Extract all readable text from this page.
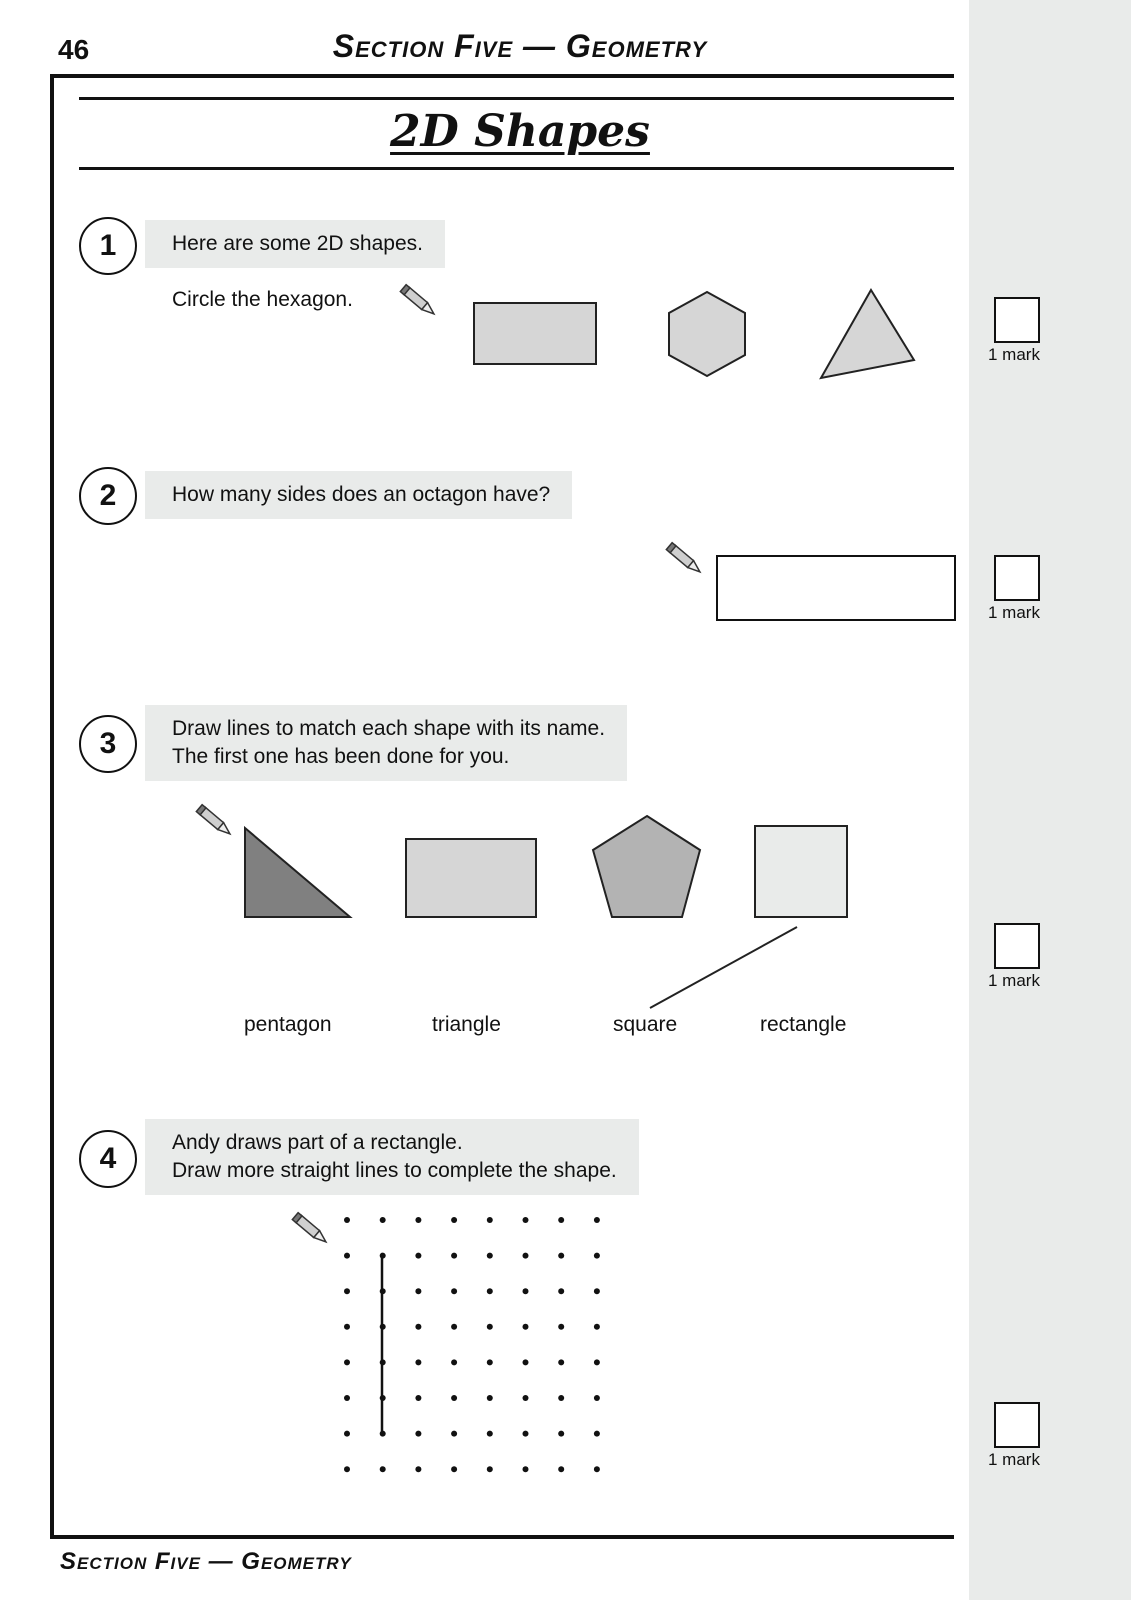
46	Section Five — Geometry
2D Shapes
1	Here are some 2D shapes.
Circle the hexagon.
1 mark
2	How many sides does an octagon have?
1 mark
3	Draw lines to match each shape with its name.
The first one has been done for you.
pentagon	triangle	square	rectangle
1 mark
4	Andy draws part of a rectangle.
Draw more straight lines to complete the shape.
1 mark
Section Five — Geometry
